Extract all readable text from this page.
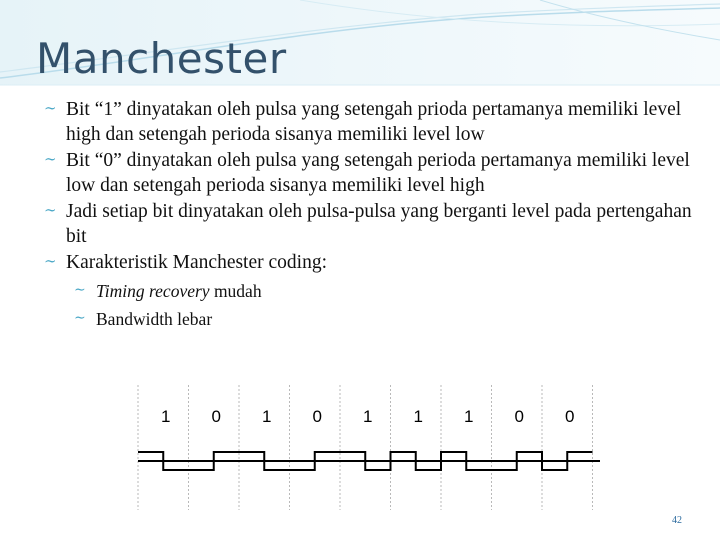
Manchester
∼ Bit “1” dinyatakan oleh pulsa yang setengah prioda pertamanya memiliki level high dan setengah perioda sisanya memiliki level low
∼ Bit “0” dinyatakan oleh pulsa yang setengah perioda pertamanya memiliki level low dan setengah perioda sisanya memiliki level high
∼ Jadi setiap bit dinyatakan oleh pulsa-pulsa yang berganti level pada pertengahan bit
∼ Karakteristik Manchester coding:
∼ Timing recovery mudah
∼ Bandwidth lebar
1 0 1 0 1 1 1 0 0
42
